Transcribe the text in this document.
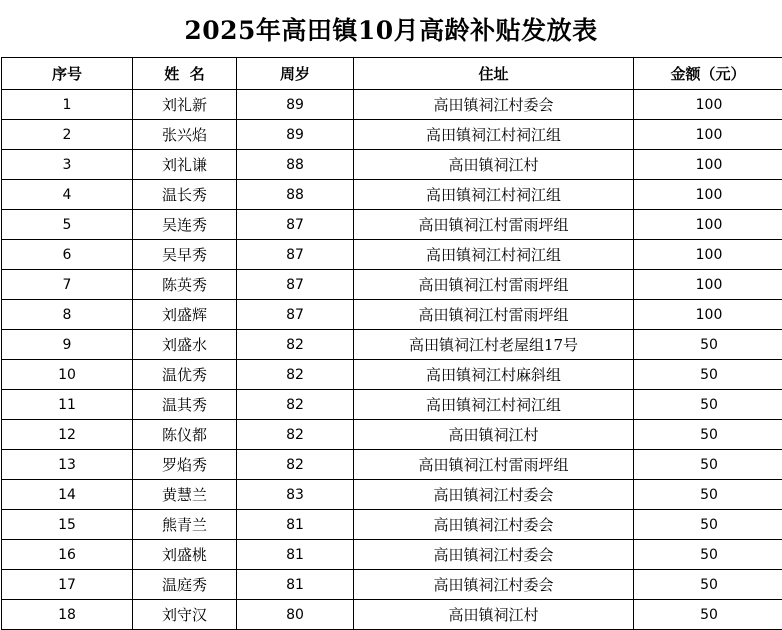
2025年高田镇10月高龄补贴发放表
序号	姓  名	周岁	住址	金额（元）
1	刘礼新	89	高田镇祠江村委会	100
2	张兴焰	89	高田镇祠江村祠江组	100
3	刘礼谦	88	高田镇祠江村	100
4	温长秀	88	高田镇祠江村祠江组	100
5	吴连秀	87	高田镇祠江村雷雨坪组	100
6	吴早秀	87	高田镇祠江村祠江组	100
7	陈英秀	87	高田镇祠江村雷雨坪组	100
8	刘盛辉	87	高田镇祠江村雷雨坪组	100
9	刘盛水	82	高田镇祠江村老屋组17号	50
10	温优秀	82	高田镇祠江村麻斜组	50
11	温其秀	82	高田镇祠江村祠江组	50
12	陈仪都	82	高田镇祠江村	50
13	罗焰秀	82	高田镇祠江村雷雨坪组	50
14	黄慧兰	83	高田镇祠江村委会	50
15	熊青兰	81	高田镇祠江村委会	50
16	刘盛桃	81	高田镇祠江村委会	50
17	温庭秀	81	高田镇祠江村委会	50
18	刘守汉	80	高田镇祠江村	50
